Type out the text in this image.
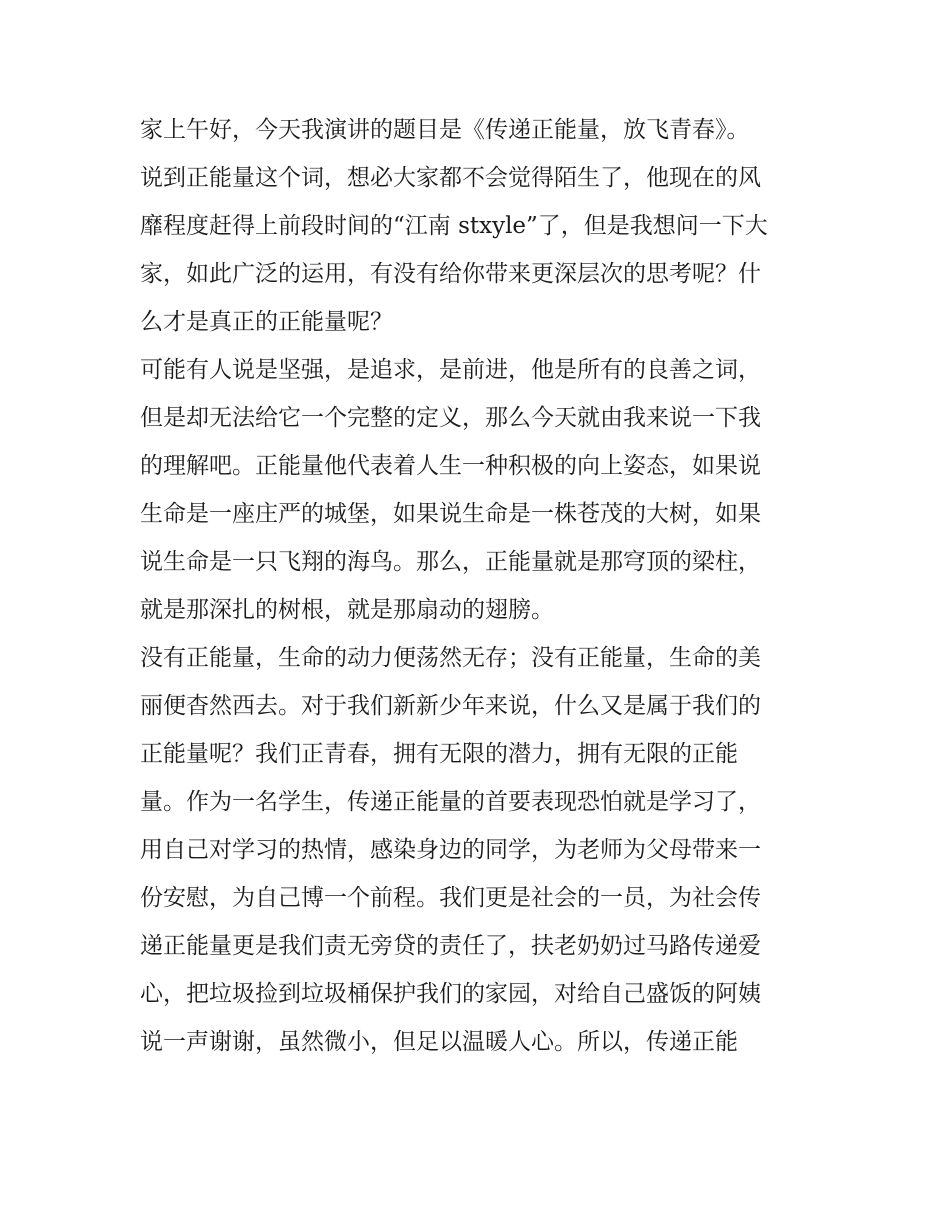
家上午好，今天我演讲的题目是《传递正能量，放飞青春》。
说到正能量这个词，想必大家都不会觉得陌生了，他现在的风
靡程度赶得上前段时间的“江南 stxyle”了，但是我想问一下大
家，如此广泛的运用，有没有给你带来更深层次的思考呢？什
么才是真正的正能量呢？
可能有人说是坚强，是追求，是前进，他是所有的良善之词，
但是却无法给它一个完整的定义，那么今天就由我来说一下我
的理解吧。正能量他代表着人生一种积极的向上姿态，如果说
生命是一座庄严的城堡，如果说生命是一株苍茂的大树，如果
说生命是一只飞翔的海鸟。那么，正能量就是那穹顶的梁柱，
就是那深扎的树根，就是那扇动的翅膀。
没有正能量，生命的动力便荡然无存；没有正能量，生命的美
丽便杳然西去。对于我们新新少年来说，什么又是属于我们的
正能量呢？我们正青春，拥有无限的潜力，拥有无限的正能
量。作为一名学生，传递正能量的首要表现恐怕就是学习了，
用自己对学习的热情，感染身边的同学，为老师为父母带来一
份安慰，为自己博一个前程。我们更是社会的一员，为社会传
递正能量更是我们责无旁贷的责任了，扶老奶奶过马路传递爱
心，把垃圾捡到垃圾桶保护我们的家园，对给自己盛饭的阿姨
说一声谢谢，虽然微小，但足以温暖人心。所以，传递正能
